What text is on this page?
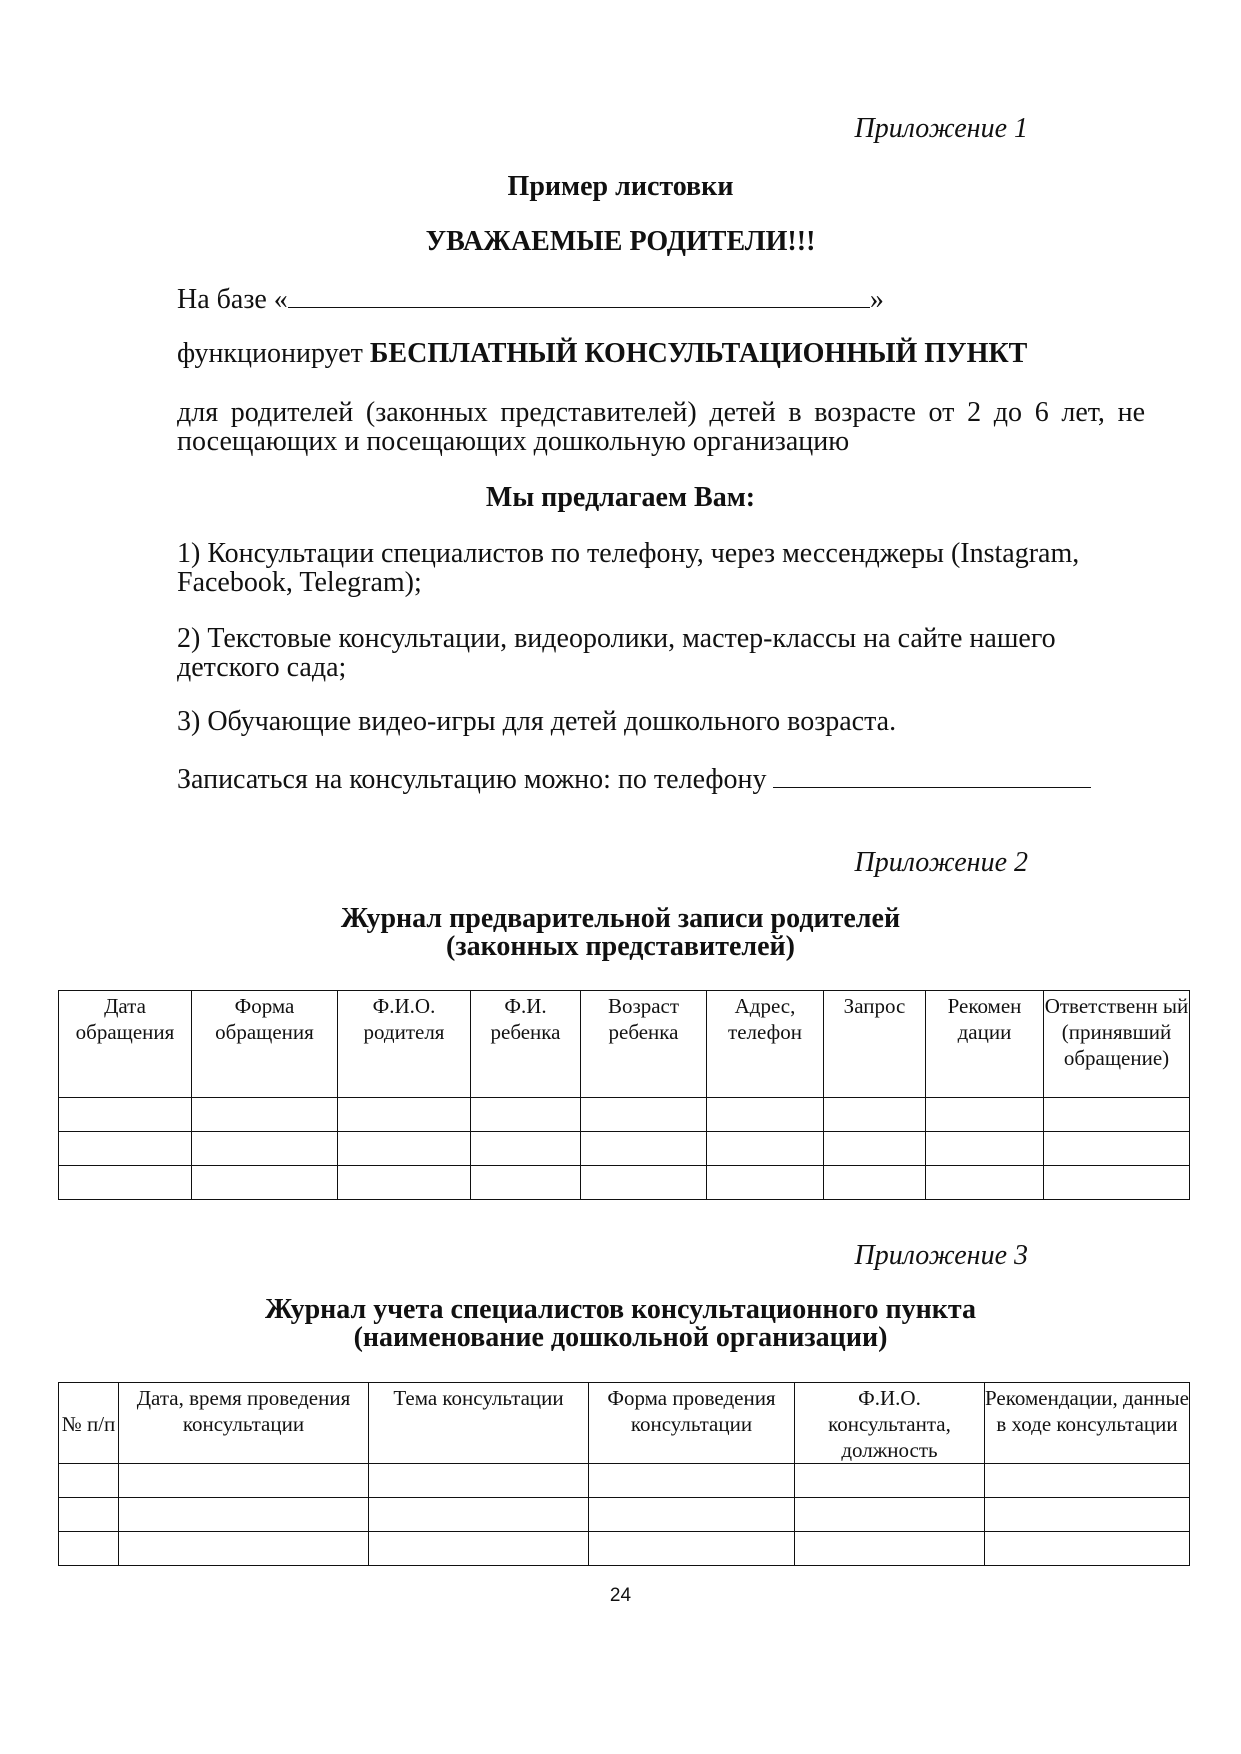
Приложение 1
Пример листовки
УВАЖАЕМЫЕ РОДИТЕЛИ!!!
На базе «	»
функционирует БЕСПЛАТНЫЙ КОНСУЛЬТАЦИОННЫЙ ПУНКТ
для родителей (законных представителей) детей в возрасте от 2 до 6 лет, не посещающих и посещающих дошкольную организацию
Мы предлагаем Вам:
1) Консультации специалистов по телефону, через мессенджеры (Instagram, Facebook, Telegram);
2) Текстовые консультации, видеоролики, мастер-классы на сайте нашего детского сада;
3) Обучающие видео-игры для детей дошкольного возраста.
Записаться на консультацию можно: по телефону
Приложение 2
Журнал предварительной записи родителей
(законных представителей)
Дата обращения	Форма обращения	Ф.И.О. родителя	Ф.И. ребенка	Возраст ребенка	Адрес, телефон	Запрос	Рекомен дации	Ответственн ый (принявший обращение)

Приложение 3
Журнал учета специалистов консультационного пункта
(наименование дошкольной организации)
№ п/п	Дата, время проведения консультации	Тема консультации	Форма проведения консультации	Ф.И.О. консультанта, должность	Рекомендации, данные в ходе консультации

24
